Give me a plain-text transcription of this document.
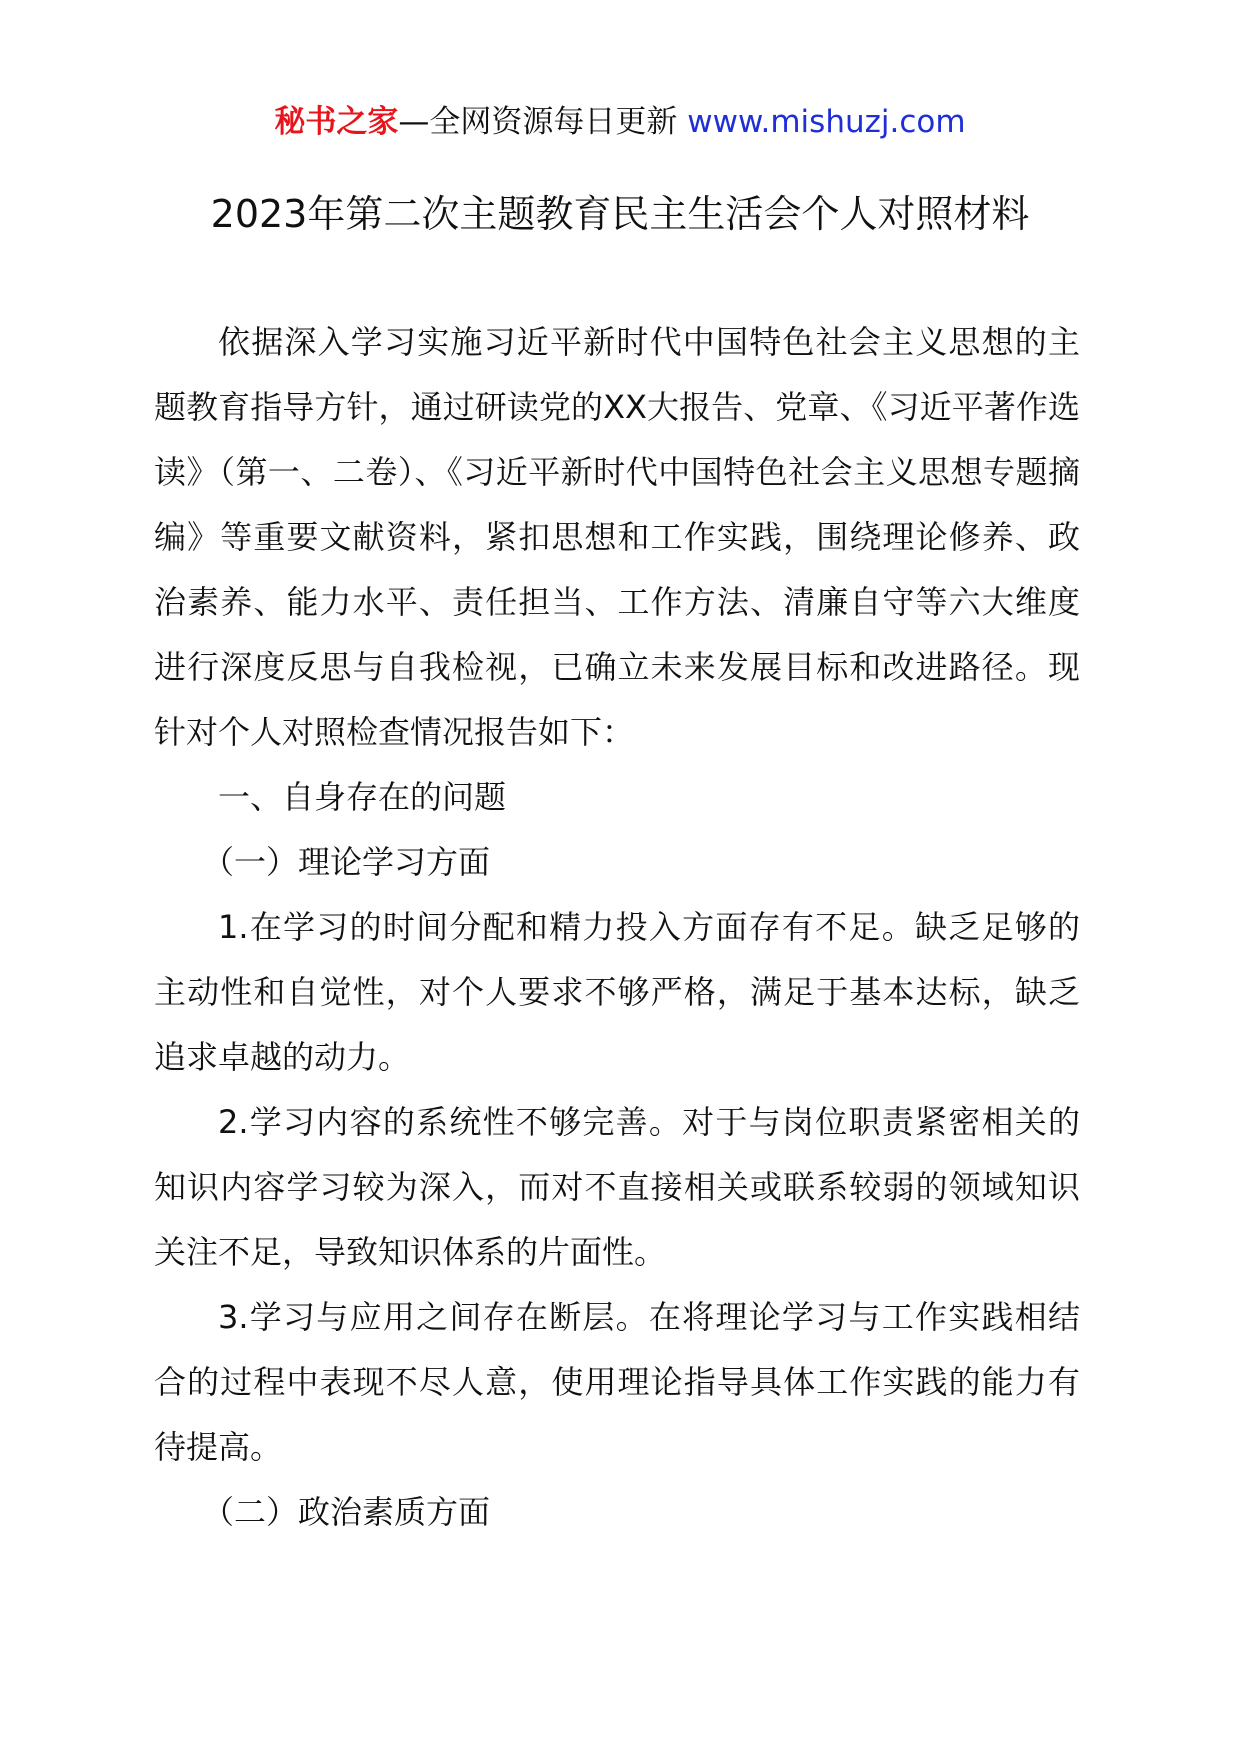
秘书之家—全网资源每日更新 www.mishuzj.com
2023年第二次主题教育民主生活会个人对照材料

依据深入学习实施习近平新时代中国特色社会主义思想的主题教育指导方针，通过研读党的XX大报告、党章、《习近平著作选读》（第一、二卷）、《习近平新时代中国特色社会主义思想专题摘编》等重要文献资料，紧扣思想和工作实践，围绕理论修养、政治素养、能力水平、责任担当、工作方法、清廉自守等六大维度进行深度反思与自我检视，已确立未来发展目标和改进路径。现针对个人对照检查情况报告如下：

一、自身存在的问题

（一）理论学习方面

1.在学习的时间分配和精力投入方面存有不足。缺乏足够的主动性和自觉性，对个人要求不够严格，满足于基本达标，缺乏追求卓越的动力。

2.学习内容的系统性不够完善。对于与岗位职责紧密相关的知识内容学习较为深入，而对不直接相关或联系较弱的领域知识关注不足，导致知识体系的片面性。

3.学习与应用之间存在断层。在将理论学习与工作实践相结合的过程中表现不尽人意，使用理论指导具体工作实践的能力有待提高。

（二）政治素质方面
